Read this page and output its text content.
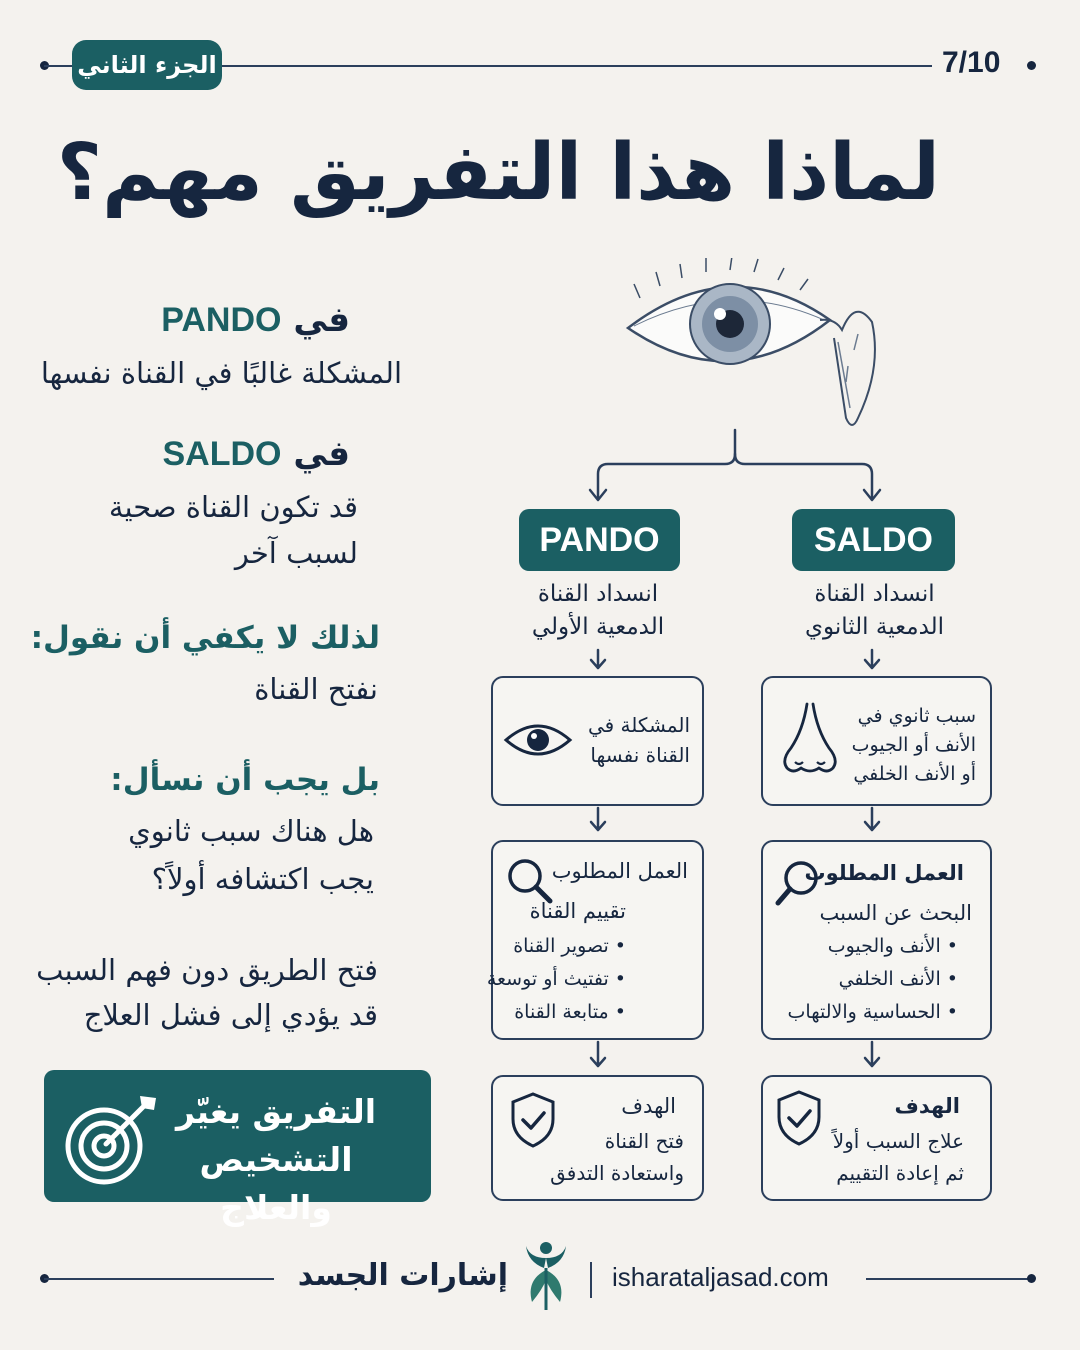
الجزء الثاني	7/10
لماذا هذا التفريق مهم؟
في PANDO
المشكلة غالبًا في القناة نفسها
في SALDO
قد تكون القناة صحية
لسبب آخر
لذلك لا يكفي أن نقول:
نفتح القناة
بل يجب أن نسأل:
هل هناك سبب ثانوي
يجب اكتشافه أولاً؟
فتح الطريق دون فهم السبب
قد يؤدي إلى فشل العلاج
التفريق يغيّر
التشخيص والعلاج
PANDO
انسداد القناة
الدمعية الأولي
المشكلة في
القناة نفسها
العمل المطلوب
تقييم القناة
• تصوير القناة
• تفتيث أو توسعة
• متابعة القناة
الهدف
فتح القناة
واستعادة التدفق
SALDO
انسداد القناة
الدمعية الثانوي
سبب ثانوي في
الأنف أو الجيوب
أو الأنف الخلفي
العمل المطلوب
البحث عن السبب
• الأنف والجيوب
• الأنف الخلفي
• الحساسية والالتهاب
الهدف
علاج السبب أولاً
ثم إعادة التقييم
إشارات الجسد	isharataljasad.com
